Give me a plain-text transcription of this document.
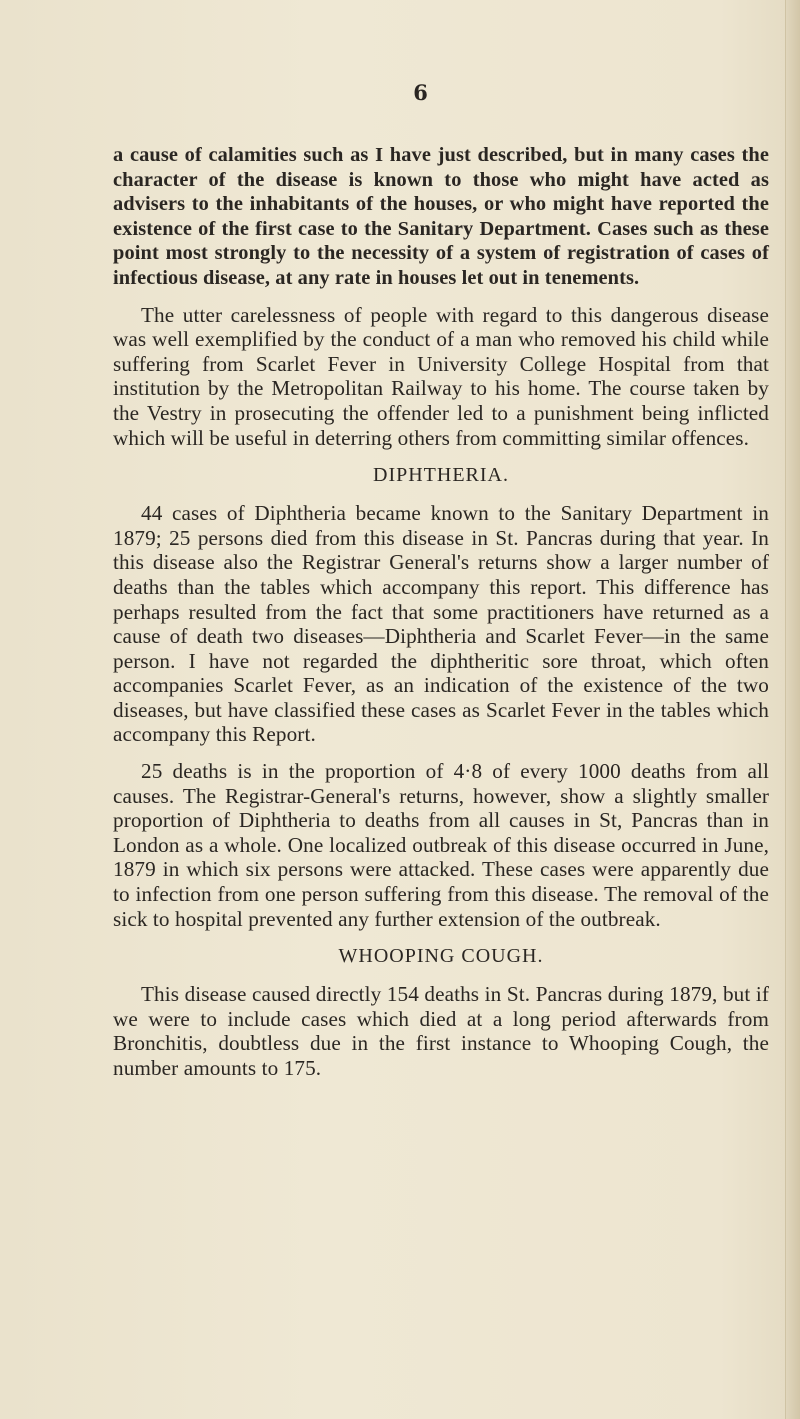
6

a cause of calamities such as I have just described, but in many cases the character of the disease is known to those who might have acted as advisers to the inhabitants of the houses, or who might have reported the existence of the first case to the Sanitary Department. Cases such as these point most strongly to the necessity of a system of registration of cases of infectious disease, at any rate in houses let out in tenements.

The utter carelessness of people with regard to this dangerous disease was well exemplified by the conduct of a man who removed his child while suffering from Scarlet Fever in University College Hospital from that institution by the Metropolitan Railway to his home. The course taken by the Vestry in prosecuting the offender led to a punishment being inflicted which will be useful in deterring others from committing similar offences.

DIPHTHERIA.

44 cases of Diphtheria became known to the Sanitary Department in 1879; 25 persons died from this disease in St. Pancras during that year. In this disease also the Registrar General's returns show a larger number of deaths than the tables which accompany this report. This difference has perhaps resulted from the fact that some practitioners have returned as a cause of death two diseases—Diphtheria and Scarlet Fever—in the same person. I have not regarded the diphtheritic sore throat, which often accompanies Scarlet Fever, as an indication of the existence of the two diseases, but have classified these cases as Scarlet Fever in the tables which accompany this Report.

25 deaths is in the proportion of 4·8 of every 1000 deaths from all causes. The Registrar-General's returns, however, show a slightly smaller proportion of Diphtheria to deaths from all causes in St, Pancras than in London as a whole. One localized outbreak of this disease occurred in June, 1879 in which six persons were attacked. These cases were apparently due to infection from one person suffering from this disease. The removal of the sick to hospital prevented any further extension of the outbreak.

WHOOPING COUGH.

This disease caused directly 154 deaths in St. Pancras during 1879, but if we were to include cases which died at a long period afterwards from Bronchitis, doubtless due in the first instance to Whooping Cough, the number amounts to 175.
